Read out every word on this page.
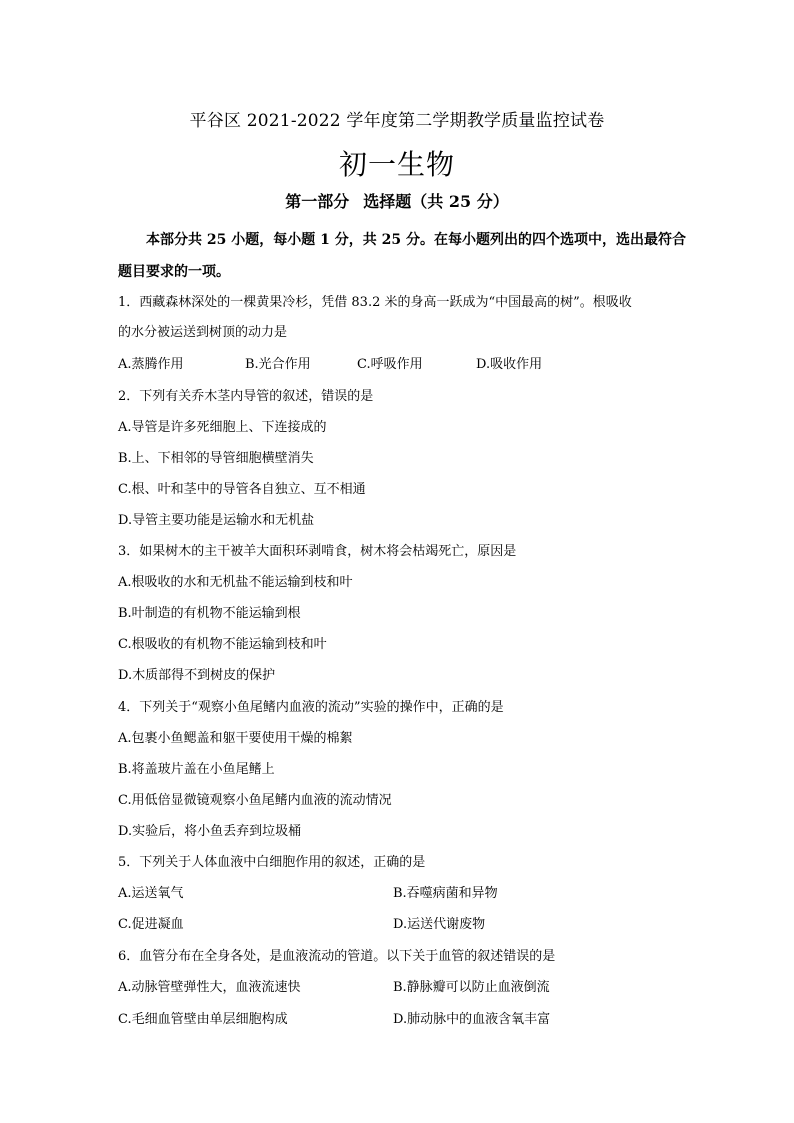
平谷区 2021-2022 学年度第二学期教学质量监控试卷
初一生物
第一部分 选择题（共 25 分）
本部分共 25 小题，每小题 1 分，共 25 分。在每小题列出的四个选项中，选出最符合
题目要求的一项。
1．西藏森林深处的一棵黄果冷杉，凭借 83.2 米的身高一跃成为“中国最高的树”。根吸收
的水分被运送到树顶的动力是
A.蒸腾作用	B.光合作用	C.呼吸作用	D.吸收作用
2．下列有关乔木茎内导管的叙述，错误的是
A.导管是许多死细胞上、下连接成的
B.上、下相邻的导管细胞横壁消失
C.根、叶和茎中的导管各自独立、互不相通
D.导管主要功能是运输水和无机盐
3．如果树木的主干被羊大面积环剥啃食，树木将会枯竭死亡，原因是
A.根吸收的水和无机盐不能运输到枝和叶
B.叶制造的有机物不能运输到根
C.根吸收的有机物不能运输到枝和叶
D.木质部得不到树皮的保护
4．下列关于“观察小鱼尾鳍内血液的流动”实验的操作中，正确的是
A.包裹小鱼鳃盖和躯干要使用干燥的棉絮
B.将盖玻片盖在小鱼尾鳍上
C.用低倍显微镜观察小鱼尾鳍内血液的流动情况
D.实验后，将小鱼丢弃到垃圾桶
5．下列关于人体血液中白细胞作用的叙述，正确的是
A.运送氧气	B.吞噬病菌和异物
C.促进凝血	D.运送代谢废物
6．血管分布在全身各处，是血液流动的管道。以下关于血管的叙述错误的是
A.动脉管壁弹性大，血液流速快	B.静脉瓣可以防止血液倒流
C.毛细血管壁由单层细胞构成	D.肺动脉中的血液含氧丰富
